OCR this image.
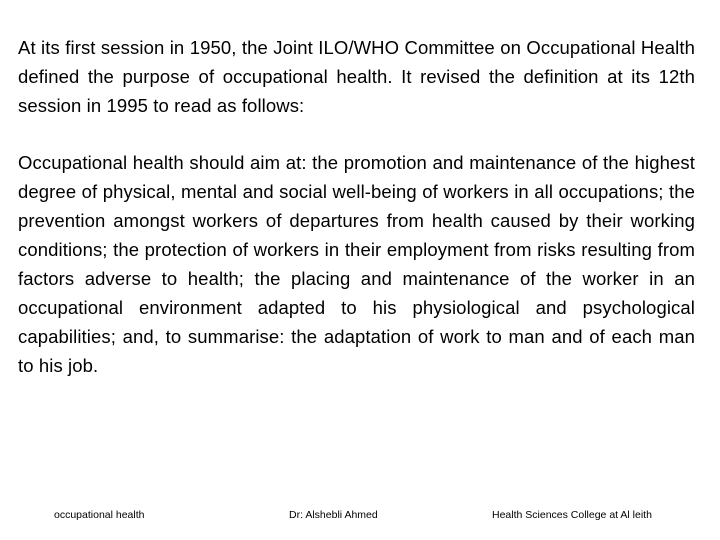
At its first session in 1950, the Joint ILO/WHO Committee on Occupational Health defined the purpose of occupational health. It revised the definition at its 12th session in 1995 to read as follows:

Occupational health should aim at: the promotion and maintenance of the highest degree of physical, mental and social well-being of workers in all occupations; the prevention amongst workers of departures from health caused by their working conditions; the protection of workers in their employment from risks resulting from factors adverse to health; the placing and maintenance of the worker in an occupational environment adapted to his physiological and psychological capabilities; and, to summarise: the adaptation of work to man and of each man to his job.

occupational health	Dr: Alshebli Ahmed	Health Sciences College at Al leith
